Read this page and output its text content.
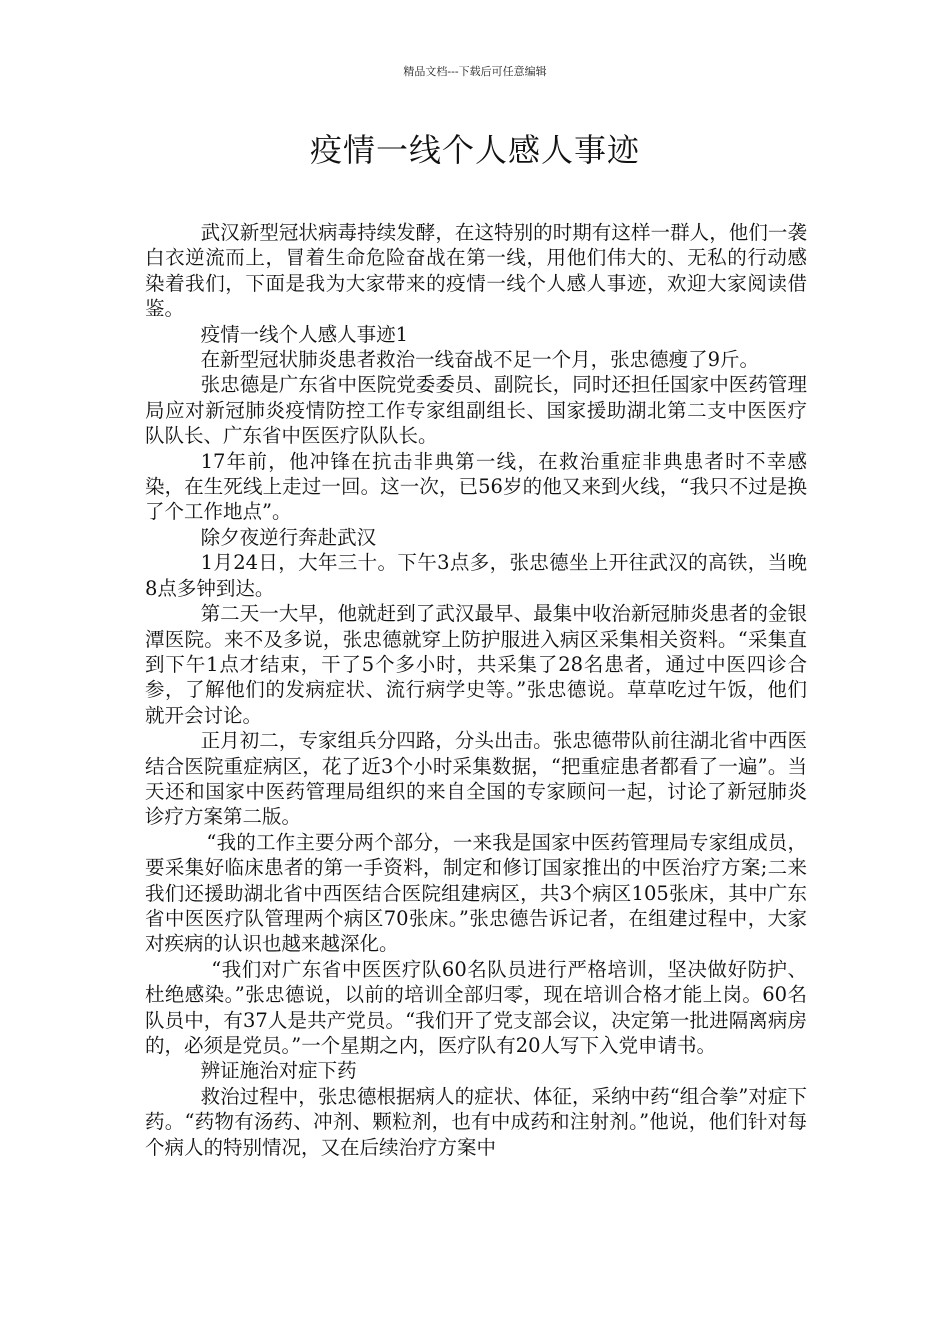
精品文档---下载后可任意编辑
疫情一线个人感人事迹

武汉新型冠状病毒持续发酵，在这特别的时期有这样一群人，他们一袭白衣逆流而上，冒着生命危险奋战在第一线，用他们伟大的、无私的行动感染着我们，下面是我为大家带来的疫情一线个人感人事迹，欢迎大家阅读借鉴。

疫情一线个人感人事迹1

在新型冠状肺炎患者救治一线奋战不足一个月，张忠德瘦了9斤。

张忠德是广东省中医院党委委员、副院长，同时还担任国家中医药管理局应对新冠肺炎疫情防控工作专家组副组长、国家援助湖北第二支中医医疗队队长、广东省中医医疗队队长。

17年前，他冲锋在抗击非典第一线，在救治重症非典患者时不幸感染，在生死线上走过一回。这一次，已56岁的他又来到火线，“我只不过是换了个工作地点”。

除夕夜逆行奔赴武汉

1月24日，大年三十。下午3点多，张忠德坐上开往武汉的高铁，当晚8点多钟到达。

第二天一大早，他就赶到了武汉最早、最集中收治新冠肺炎患者的金银潭医院。来不及多说，张忠德就穿上防护服进入病区采集相关资料。“采集直到下午1点才结束，干了5个多小时，共采集了28名患者，通过中医四诊合参，了解他们的发病症状、流行病学史等。”张忠德说。草草吃过午饭，他们就开会讨论。

正月初二，专家组兵分四路，分头出击。张忠德带队前往湖北省中西医结合医院重症病区，花了近3个小时采集数据，“把重症患者都看了一遍”。当天还和国家中医药管理局组织的来自全国的专家顾问一起，讨论了新冠肺炎诊疗方案第二版。

“我的工作主要分两个部分，一来我是国家中医药管理局专家组成员，要采集好临床患者的第一手资料，制定和修订国家推出的中医治疗方案;二来我们还援助湖北省中西医结合医院组建病区，共3个病区105张床，其中广东省中医医疗队管理两个病区70张床。”张忠德告诉记者，在组建过程中，大家对疾病的认识也越来越深化。

“我们对广东省中医医疗队60名队员进行严格培训，坚决做好防护、杜绝感染。”张忠德说，以前的培训全部归零，现在培训合格才能上岗。60名队员中，有37人是共产党员。“我们开了党支部会议，决定第一批进隔离病房的，必须是党员。”一个星期之内，医疗队有20人写下入党申请书。

辨证施治对症下药

救治过程中，张忠德根据病人的症状、体征，采纳中药“组合拳”对症下药。“药物有汤药、冲剂、颗粒剂，也有中成药和注射剂。”他说，他们针对每个病人的特别情况，又在后续治疗方案中
